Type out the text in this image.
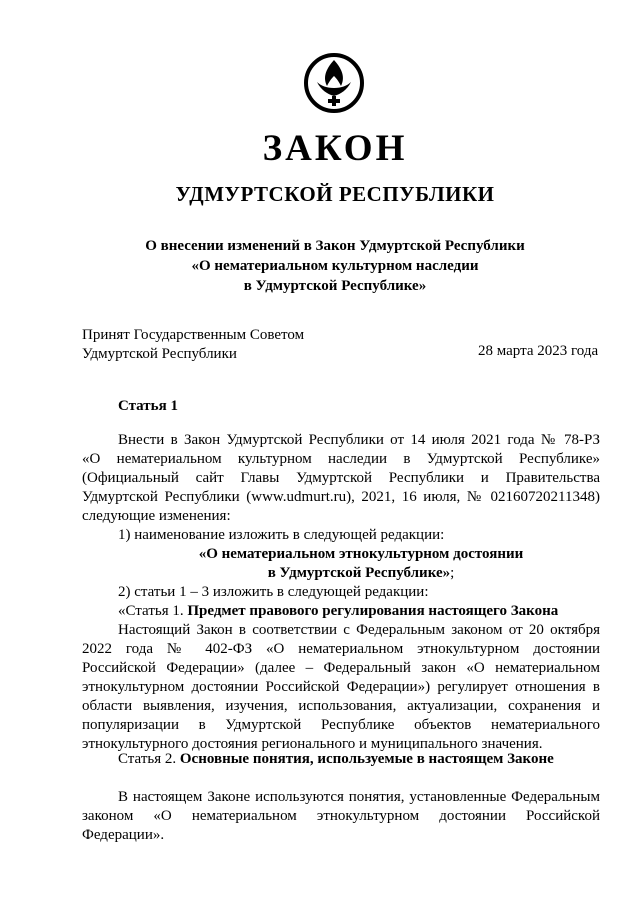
ЗАКОН
УДМУРТСКОЙ РЕСПУБЛИКИ
О внесении изменений в Закон Удмуртской Республики
«О нематериальном культурном наследии
в Удмуртской Республике»
Принят Государственным Советом
Удмуртской Республики	28 марта 2023 года
Статья 1
Внести в Закон Удмуртской Республики от 14 июля 2021 года № 78-РЗ
«О нематериальном культурном наследии в Удмуртской Республике»
(Официальный сайт Главы Удмуртской Республики и Правительства
Удмуртской Республики (www.udmurt.ru), 2021, 16 июля, № 02160720211348)
следующие изменения:
1) наименование изложить в следующей редакции:
«О нематериальном этнокультурном достоянии
в Удмуртской Республике»;
2) статьи 1 – 3 изложить в следующей редакции:
«Статья 1. Предмет правового регулирования настоящего Закона
Настоящий Закон в соответствии с Федеральным законом от 20 октября
2022 года № 402-ФЗ «О нематериальном этнокультурном достоянии
Российской Федерации» (далее – Федеральный закон «О нематериальном
этнокультурном достоянии Российской Федерации») регулирует отношения в
области выявления, изучения, использования, актуализации, сохранения и
популяризации в Удмуртской Республике объектов нематериального
этнокультурного достояния регионального и муниципального значения.
Статья 2. Основные понятия, используемые в настоящем Законе
В настоящем Законе используются понятия, установленные Федеральным
законом «О нематериальном этнокультурном достоянии Российской
Федерации».
